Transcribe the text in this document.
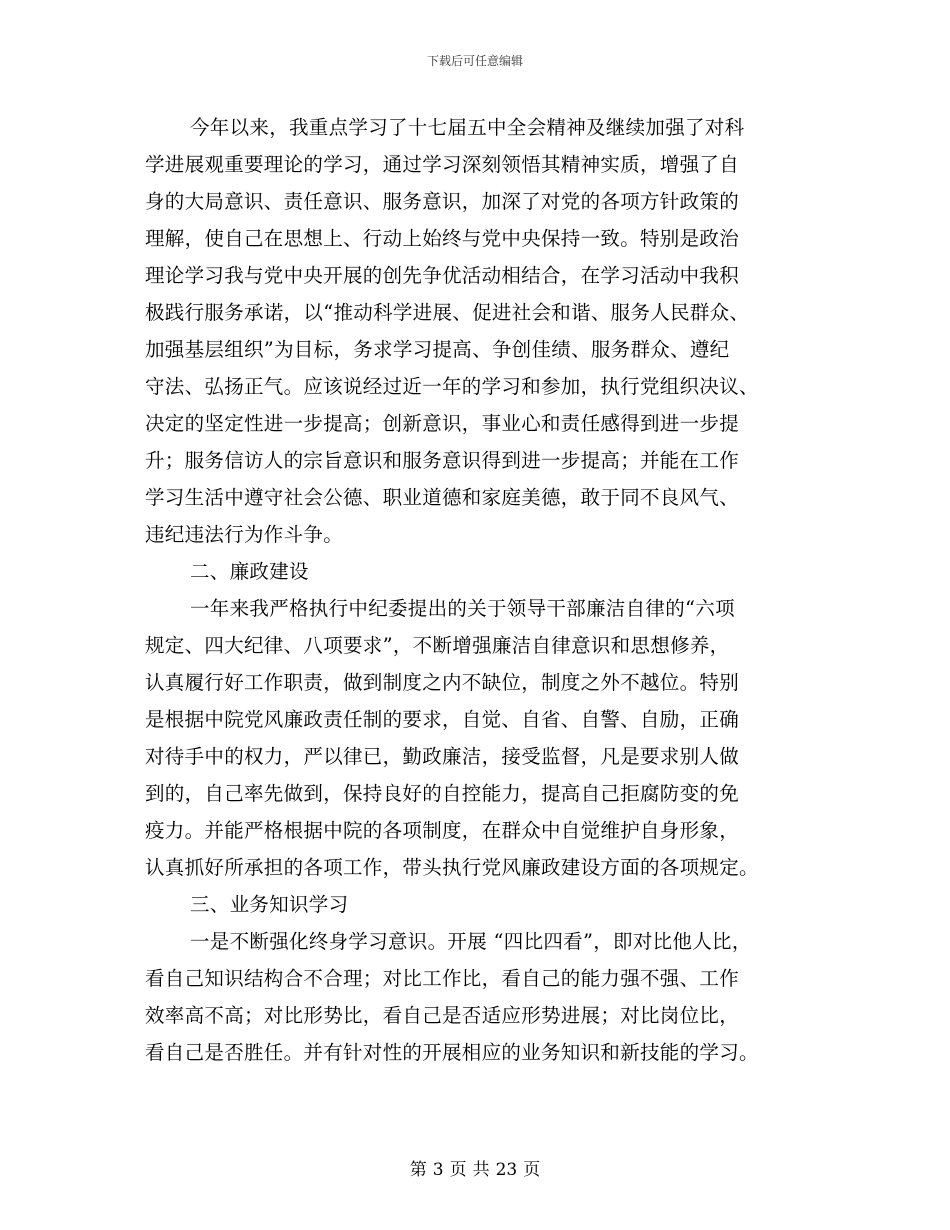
下载后可任意编辑
今年以来，我重点学习了十七届五中全会精神及继续加强了对科
学进展观重要理论的学习，通过学习深刻领悟其精神实质，增强了自
身的大局意识、责任意识、服务意识，加深了对党的各项方针政策的
理解，使自己在思想上、行动上始终与党中央保持一致。特别是政治
理论学习我与党中央开展的创先争优活动相结合，在学习活动中我积
极践行服务承诺，以“推动科学进展、促进社会和谐、服务人民群众、
加强基层组织”为目标，务求学习提高、争创佳绩、服务群众、遵纪
守法、弘扬正气。应该说经过近一年的学习和参加，执行党组织决议、
决定的坚定性进一步提高；创新意识，事业心和责任感得到进一步提
升；服务信访人的宗旨意识和服务意识得到进一步提高；并能在工作
学习生活中遵守社会公德、职业道德和家庭美德，敢于同不良风气、
违纪违法行为作斗争。
二、廉政建设
一年来我严格执行中纪委提出的关于领导干部廉洁自律的“六项
规定、四大纪律、八项要求”，不断增强廉洁自律意识和思想修养，
认真履行好工作职责，做到制度之内不缺位，制度之外不越位。特别
是根据中院党风廉政责任制的要求，自觉、自省、自警、自励，正确
对待手中的权力，严以律已，勤政廉洁，接受监督，凡是要求别人做
到的，自己率先做到，保持良好的自控能力，提高自己拒腐防变的免
疫力。并能严格根据中院的各项制度，在群众中自觉维护自身形象，
认真抓好所承担的各项工作，带头执行党风廉政建设方面的各项规定。
三、业务知识学习
一是不断强化终身学习意识。开展 “四比四看”，即对比他人比，
看自己知识结构合不合理；对比工作比，看自己的能力强不强、工作
效率高不高；对比形势比，看自己是否适应形势进展；对比岗位比，
看自己是否胜任。并有针对性的开展相应的业务知识和新技能的学习。
第 3 页 共 23 页
